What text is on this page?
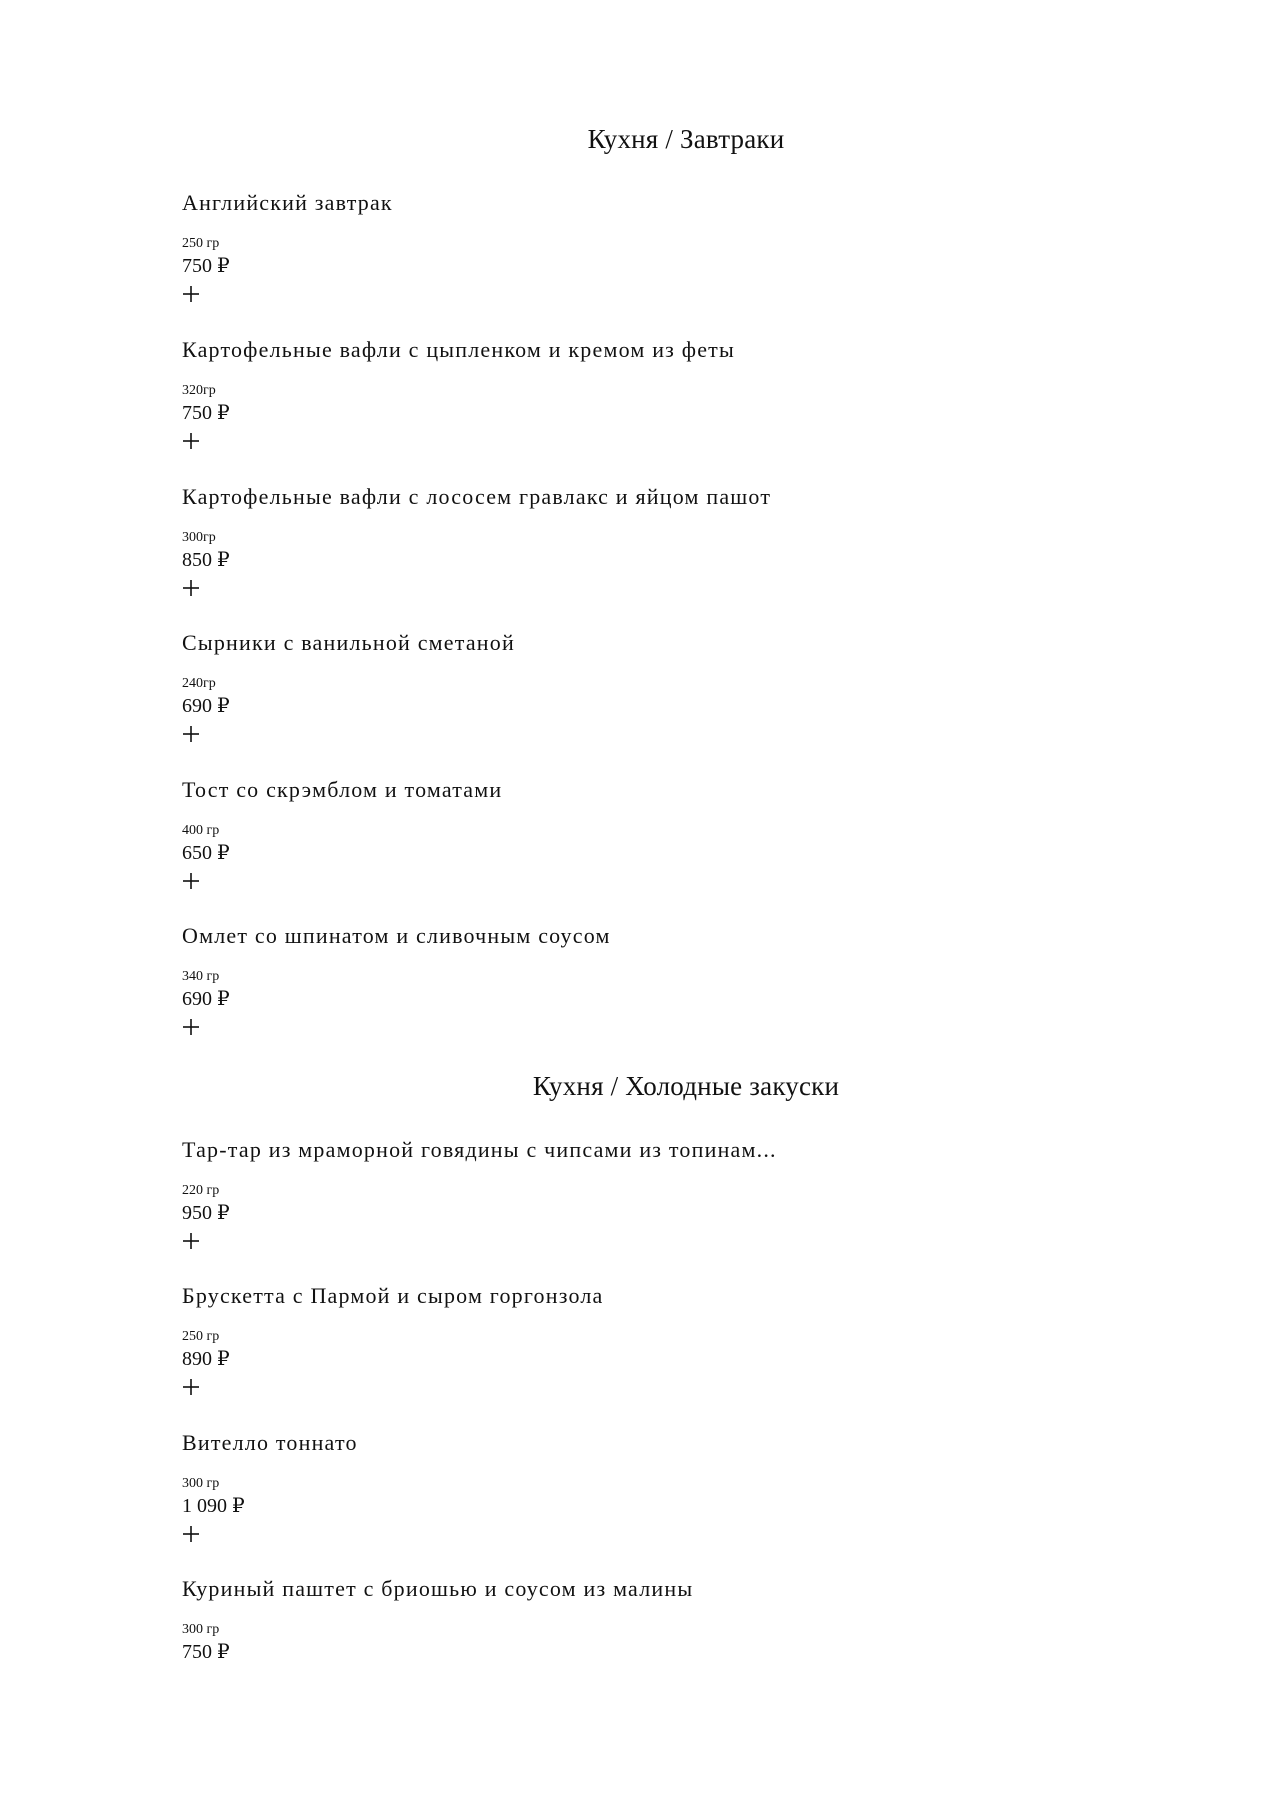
Кухня / Завтраки
Английский завтрак
250 гр
750 ₽
Картофельные вафли с цыпленком и кремом из феты
320гр
750 ₽
Картофельные вафли с лососем гравлакс и яйцом пашот
300гр
850 ₽
Сырники с ванильной сметаной
240гр
690 ₽
Тост со скрэмблом и томатами
400 гр
650 ₽
Омлет со шпинатом и сливочным соусом
340 гр
690 ₽
Кухня / Холодные закуски
Тар-тар из мраморной говядины с чипсами из топинам...
220 гр
950 ₽
Брускетта с Пармой и сыром горгонзола
250 гр
890 ₽
Вителло тоннато
300 гр
1 090 ₽
Куриный паштет с бриошью и соусом из малины
300 гр
750 ₽
